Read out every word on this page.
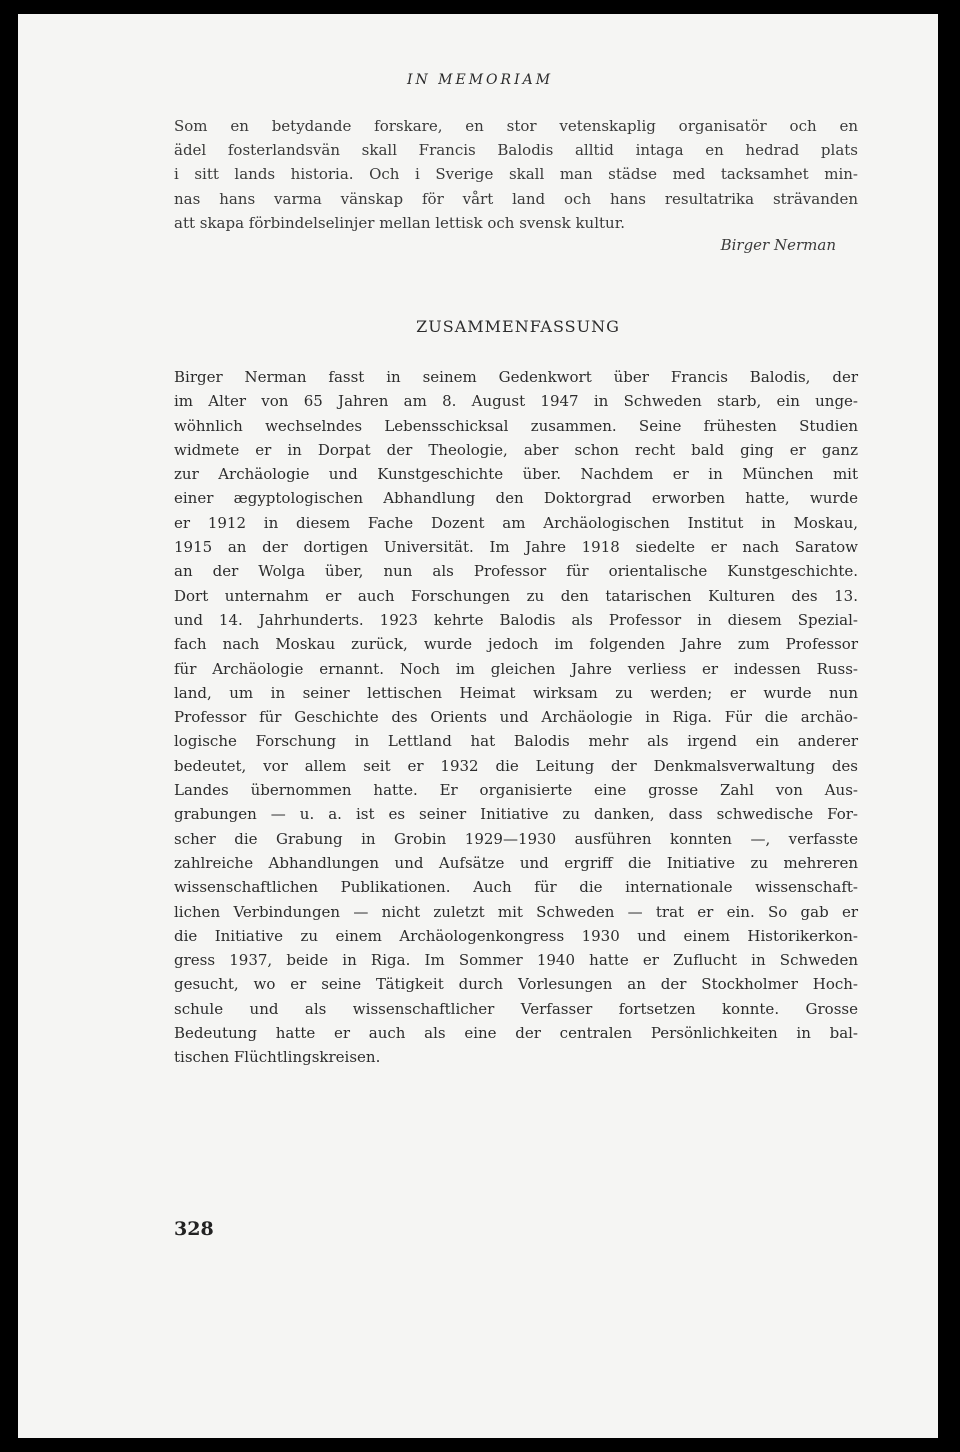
IN MEMORIAM
Som en betydande forskare, en stor vetenskaplig organisatör och en
ädel fosterlandsvän skall Francis Balodis alltid intaga en hedrad plats
i sitt lands historia. Och i Sverige skall man städse med tacksamhet min-
nas hans varma vänskap för vårt land och hans resultatrika strävanden
att skapa förbindelselinjer mellan lettisk och svensk kultur.
Birger Nerman
ZUSAMMENFASSUNG
Birger Nerman fasst in seinem Gedenkwort über Francis Balodis, der
im Alter von 65 Jahren am 8. August 1947 in Schweden starb, ein unge-
wöhnlich wechselndes Lebensschicksal zusammen. Seine frühesten Studien
widmete er in Dorpat der Theologie, aber schon recht bald ging er ganz
zur Archäologie und Kunstgeschichte über. Nachdem er in München mit
einer ægyptologischen Abhandlung den Doktorgrad erworben hatte, wurde
er 1912 in diesem Fache Dozent am Archäologischen Institut in Moskau,
1915 an der dortigen Universität. Im Jahre 1918 siedelte er nach Saratow
an der Wolga über, nun als Professor für orientalische Kunstgeschichte.
Dort unternahm er auch Forschungen zu den tatarischen Kulturen des 13.
und 14. Jahrhunderts. 1923 kehrte Balodis als Professor in diesem Spezial-
fach nach Moskau zurück, wurde jedoch im folgenden Jahre zum Professor
für Archäologie ernannt. Noch im gleichen Jahre verliess er indessen Russ-
land, um in seiner lettischen Heimat wirksam zu werden; er wurde nun
Professor für Geschichte des Orients und Archäologie in Riga. Für die archäo-
logische Forschung in Lettland hat Balodis mehr als irgend ein anderer
bedeutet, vor allem seit er 1932 die Leitung der Denkmalsverwaltung des
Landes übernommen hatte. Er organisierte eine grosse Zahl von Aus-
grabungen — u. a. ist es seiner Initiative zu danken, dass schwedische For-
scher die Grabung in Grobin 1929—1930 ausführen konnten —, verfasste
zahlreiche Abhandlungen und Aufsätze und ergriff die Initiative zu mehreren
wissenschaftlichen Publikationen. Auch für die internationale wissenschaft-
lichen Verbindungen — nicht zuletzt mit Schweden — trat er ein. So gab er
die Initiative zu einem Archäologenkongress 1930 und einem Historikerkon-
gress 1937, beide in Riga. Im Sommer 1940 hatte er Zuflucht in Schweden
gesucht, wo er seine Tätigkeit durch Vorlesungen an der Stockholmer Hoch-
schule und als wissenschaftlicher Verfasser fortsetzen konnte. Grosse
Bedeutung hatte er auch als eine der centralen Persönlichkeiten in bal-
tischen Flüchtlingskreisen.
328
